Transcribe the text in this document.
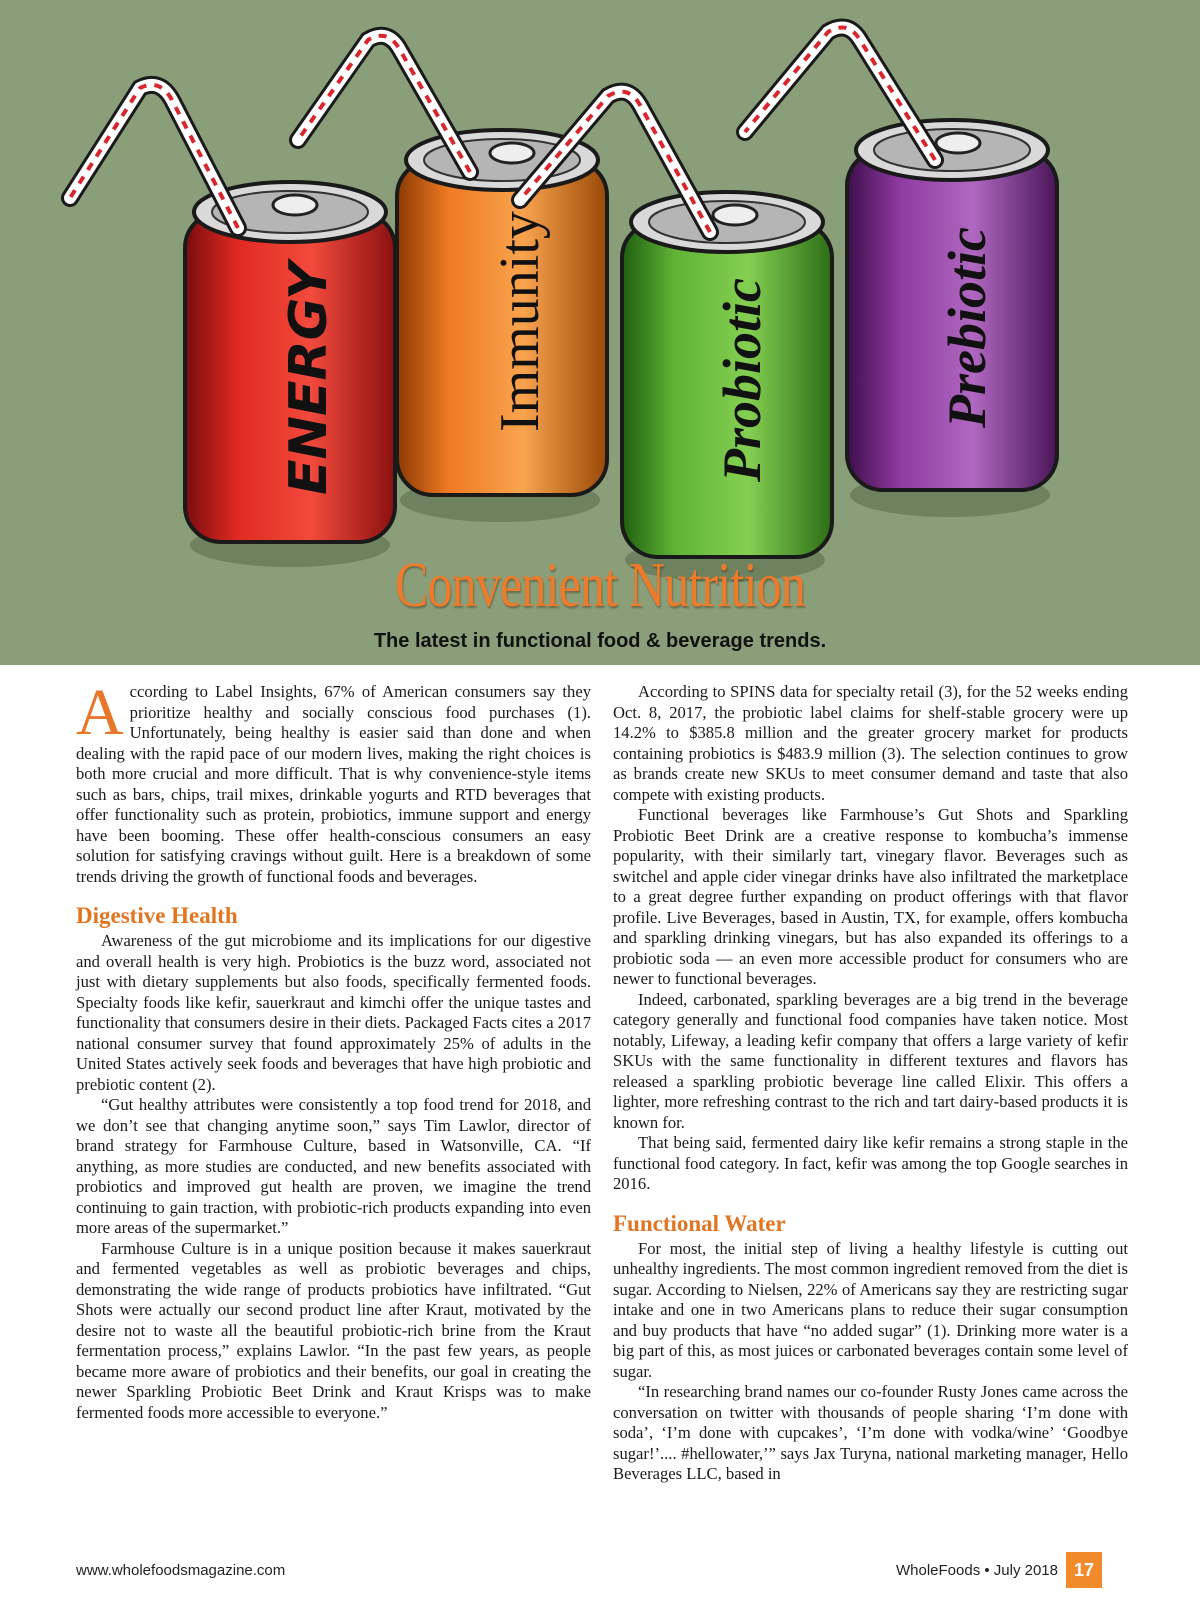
ENERGY	Immunity	Probiotic	Prebiotic
Convenient Nutrition
The latest in functional food & beverage trends.

According to Label Insights, 67% of American consumers say they prioritize healthy and socially conscious food purchases (1). Unfortunately, being healthy is easier said than done and when dealing with the rapid pace of our modern lives, making the right choices is both more crucial and more difficult. That is why convenience-style items such as bars, chips, trail mixes, drinkable yogurts and RTD beverages that offer functionality such as protein, probiotics, immune support and energy have been booming. These offer health-conscious consumers an easy solution for satisfying cravings without guilt. Here is a breakdown of some trends driving the growth of functional foods and beverages.

Digestive Health

Awareness of the gut microbiome and its implications for our digestive and overall health is very high. Probiotics is the buzz word, associated not just with dietary supplements but also foods, specifically fermented foods. Specialty foods like kefir, sauerkraut and kimchi offer the unique tastes and functionality that consumers desire in their diets. Packaged Facts cites a 2017 national consumer survey that found approximately 25% of adults in the United States actively seek foods and beverages that have high probiotic and prebiotic content (2).

“Gut healthy attributes were consistently a top food trend for 2018, and we don’t see that changing anytime soon,” says Tim Lawlor, director of brand strategy for Farmhouse Culture, based in Watsonville, CA. “If anything, as more studies are conducted, and new benefits associated with probiotics and improved gut health are proven, we imagine the trend continuing to gain traction, with probiotic-rich products expanding into even more areas of the supermarket.”

Farmhouse Culture is in a unique position because it makes sauerkraut and fermented vegetables as well as probiotic beverages and chips, demonstrating the wide range of products probiotics have infiltrated. “Gut Shots were actually our second product line after Kraut, motivated by the desire not to waste all the beautiful probiotic-rich brine from the Kraut fermentation process,” explains Lawlor. “In the past few years, as people became more aware of probiotics and their benefits, our goal in creating the newer Sparkling Probiotic Beet Drink and Kraut Krisps was to make fermented foods more accessible to everyone.”

According to SPINS data for specialty retail (3), for the 52 weeks ending Oct. 8, 2017, the probiotic label claims for shelf-stable grocery were up 14.2% to $385.8 million and the greater grocery market for products containing probiotics is $483.9 million (3). The selection continues to grow as brands create new SKUs to meet consumer demand and taste that also compete with existing products.

Functional beverages like Farmhouse’s Gut Shots and Sparkling Probiotic Beet Drink are a creative response to kombucha’s immense popularity, with their similarly tart, vinegary flavor. Beverages such as switchel and apple cider vinegar drinks have also infiltrated the marketplace to a great degree further expanding on product offerings with that flavor profile. Live Beverages, based in Austin, TX, for example, offers kombucha and sparkling drinking vinegars, but has also expanded its offerings to a probiotic soda — an even more accessible product for consumers who are newer to functional beverages.

Indeed, carbonated, sparkling beverages are a big trend in the beverage category generally and functional food companies have taken notice. Most notably, Lifeway, a leading kefir company that offers a large variety of kefir SKUs with the same functionality in different textures and flavors has released a sparkling probiotic beverage line called Elixir. This offers a lighter, more refreshing contrast to the rich and tart dairy-based products it is known for.

That being said, fermented dairy like kefir remains a strong staple in the functional food category. In fact, kefir was among the top Google searches in 2016.

Functional Water

For most, the initial step of living a healthy lifestyle is cutting out unhealthy ingredients. The most common ingredient removed from the diet is sugar. According to Nielsen, 22% of Americans say they are restricting sugar intake and one in two Americans plans to reduce their sugar consumption and buy products that have “no added sugar” (1). Drinking more water is a big part of this, as most juices or carbonated beverages contain some level of sugar.

“In researching brand names our co-founder Rusty Jones came across the conversation on twitter with thousands of people sharing ‘I’m done with soda’, ‘I’m done with cupcakes’, ‘I’m done with vodka/wine’ ‘Goodbye sugar!’.... #hellowater,’” says Jax Turyna, national marketing manager, Hello Beverages LLC, based in

www.wholefoodsmagazine.com	WholeFoods • July 2018 17
